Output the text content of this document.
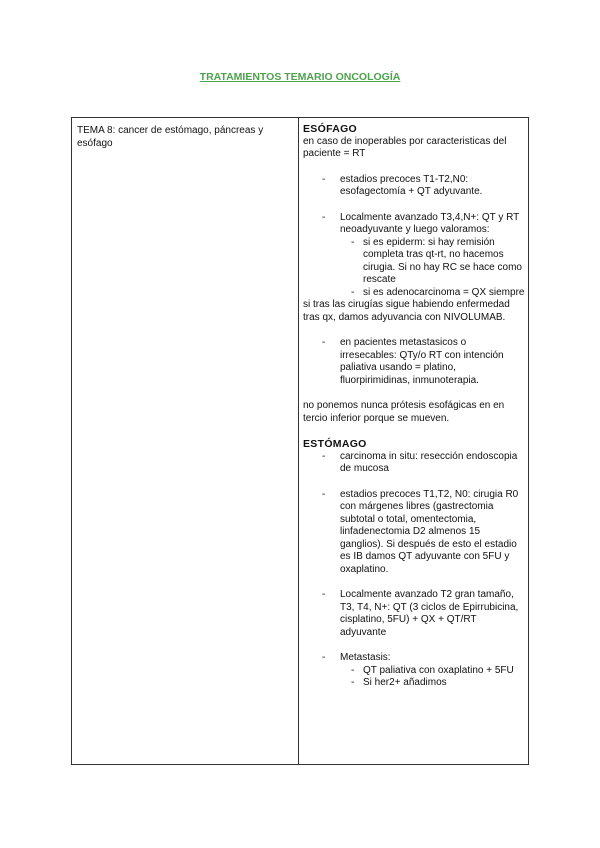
TRATAMIENTOS TEMARIO ONCOLOGÍA
TEMA 8: cancer de estómago, páncreas y esófago
ESÓFAGO

en caso de inoperables por caracteristicas del paciente = RT

- estadios precoces T1-T2,N0: esofagectomía + QT adyuvante.

- Localmente avanzado T3,4,N+: QT y RT neoadyuvante y luego valoramos:

- si es epiderm: si hay remisión completa tras qt-rt, no hacemos cirugia. Si no hay RC se hace como rescate

- si es adenocarcinoma = QX siempre

si tras las cirugías sigue habiendo enfermedad tras qx, damos adyuvancia con NIVOLUMAB.

- en pacientes metastasicos o irresecables: QTy/o RT con intención paliativa usando = platino, fluorpirimidinas, inmunoterapia.

no ponemos nunca prótesis esofágicas en en tercio inferior porque se mueven.

ESTÓMAGO

- carcinoma in situ: resección endoscopia de mucosa

- estadios precoces T1,T2, N0: cirugia R0 con márgenes libres (gastrectomia subtotal o total, omentectomia, linfadenectomia D2 almenos 15 ganglios). Si después de esto el estadio es IB damos QT adyuvante con 5FU y oxaplatino.

- Localmente avanzado T2 gran tamaño, T3, T4, N+: QT (3 ciclos de Epirrubicina, cisplatino, 5FU) + QX + QT/RT adyuvante

- Metastasis:

- QT paliativa con oxaplatino + 5FU

- Si her2+ añadimos
